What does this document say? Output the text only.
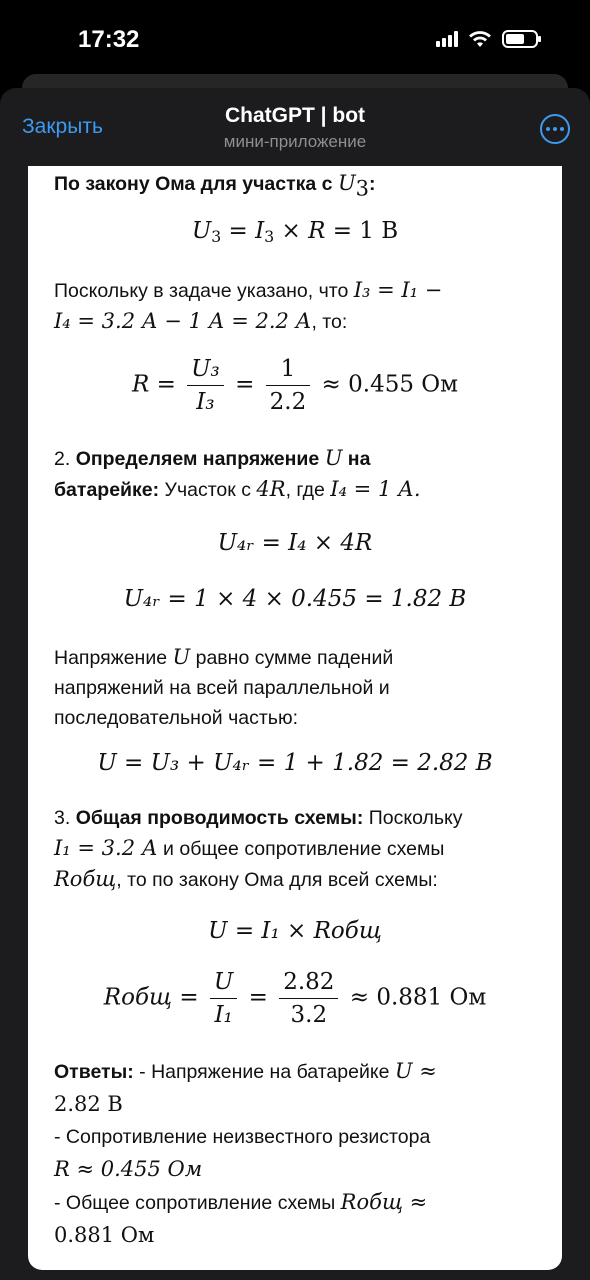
17:32
Закрыть	ChatGPT | bot
мини-приложение
По закону Ома для участка с $U_3$:
$U_3 = I_3 \times R = 1$ В
Поскольку в задаче указано, что I₃ = I₁ −
I₄ = 3.2 А − 1 А = 2.2 А, то:
$R = \frac{\text{U₃}}{\text{I₃}} = \frac{1}{2.2} \approx 0.455$ Ом
2. Определяем напряжение U на
батарейке: Участок с 4R, где I₄ = 1 А.
U₄ᵣ = I₄ × 4R
U₄ᵣ = 1 × 4 × 0.455 = 1.82 В
Напряжение U равно сумме падений
напряжений на всей параллельной и
последовательной частью:
U = U₃ + U₄ᵣ = 1 + 1.82 = 2.82 В
3. Общая проводимость схемы: Поскольку
I₁ = 3.2 А и общее сопротивление схемы
Rобщ, то по закону Ома для всей схемы:
U = I₁ × Rобщ
Rобщ = $\frac{U}{\text{I₁}} = \frac{2.82}{3.2} \approx 0.881$ Ом
Ответы: - Напряжение на батарейке U ≈
2.82 В
- Сопротивление неизвестного резистора
R ≈ 0.455 Ом
- Общее сопротивление схемы Rобщ ≈
0.881 Ом
